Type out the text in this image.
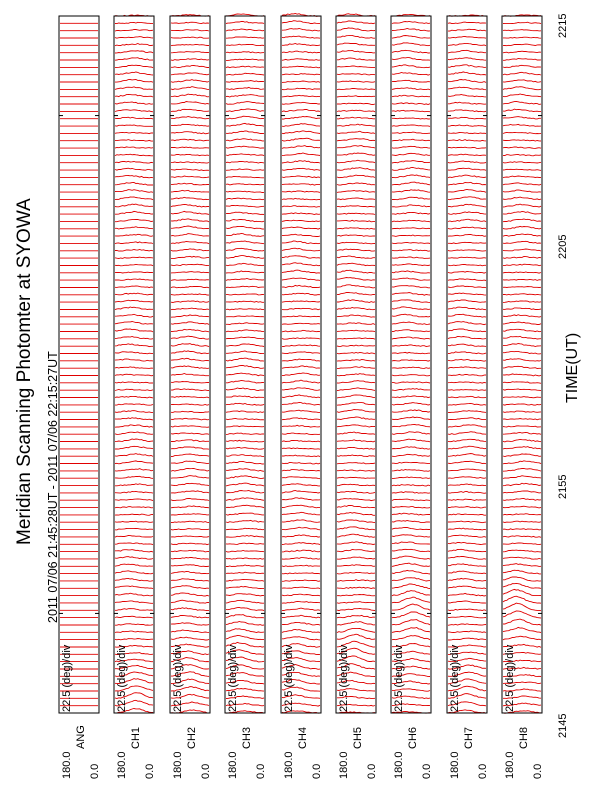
22.5 (deg)/div
180.0
ANG
0.0
22.5 (deg)/div
180.0
CH1
0.0
22.5 (deg)/div
180.0
CH2
0.0
22.5 (deg)/div
180.0
CH3
0.0
22.5 (deg)/div
180.0
CH4
0.0
22.5 (deg)/div
180.0
CH5
0.0
22.5 (deg)/div
180.0
CH6
0.0
22.5 (deg)/div
180.0
CH7
0.0
22.5 (deg)/div
180.0
CH8
0.0
Meridian Scanning Photomter at SYOWA 2011 07/06 21:45:28UT - 2011 07/06 22:15:27UT	TIME(UT)
2145
2155
2205
2215
